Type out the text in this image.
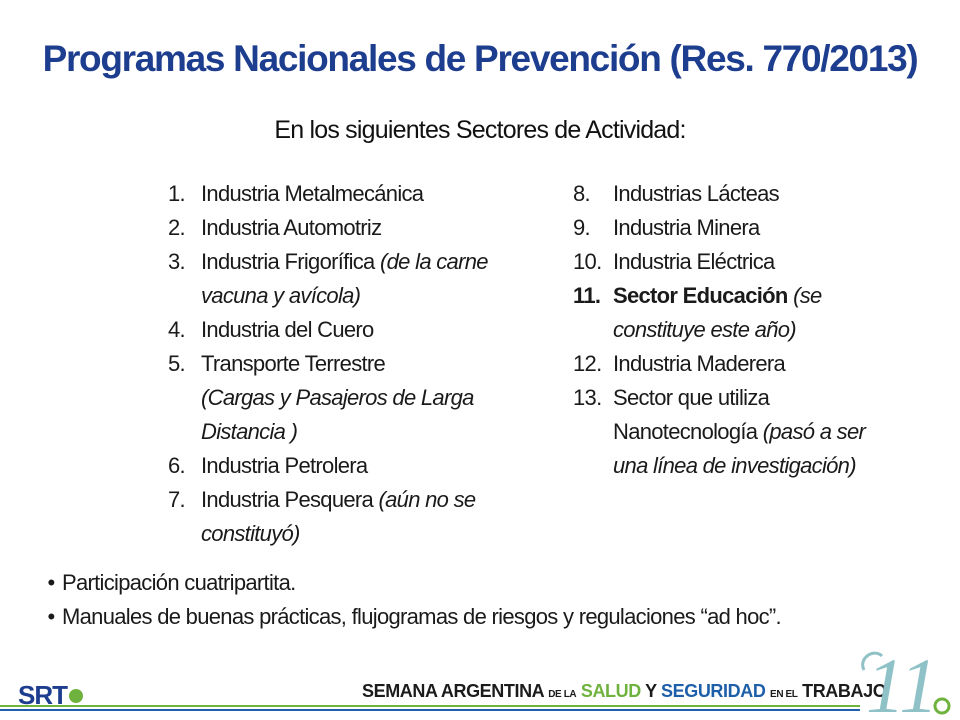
Programas Nacionales de Prevención (Res. 770/2013)
En los siguientes Sectores de Actividad:
1. Industria Metalmecánica
2. Industria Automotriz
3. Industria Frigorífica (de la carne vacuna y avícola)
4. Industria del Cuero
5. Transporte Terrestre
(Cargas y Pasajeros de Larga Distancia )
6. Industria Petrolera
7. Industria Pesquera (aún no se constituyó)
8.	Industrias Lácteas
9.	Industria Minera
10. Industria Eléctrica
11. Sector Educación (se constituye este año)
12. Industria Maderera
13. Sector que utiliza Nanotecnología (pasó a ser una línea de investigación)
• Participación cuatripartita.
• Manuales de buenas prácticas, flujogramas de riesgos y regulaciones “ad hoc”.
SRT	SEMANA ARGENTINA DE LA SALUD Y SEGURIDAD EN EL TRABAJO
11
